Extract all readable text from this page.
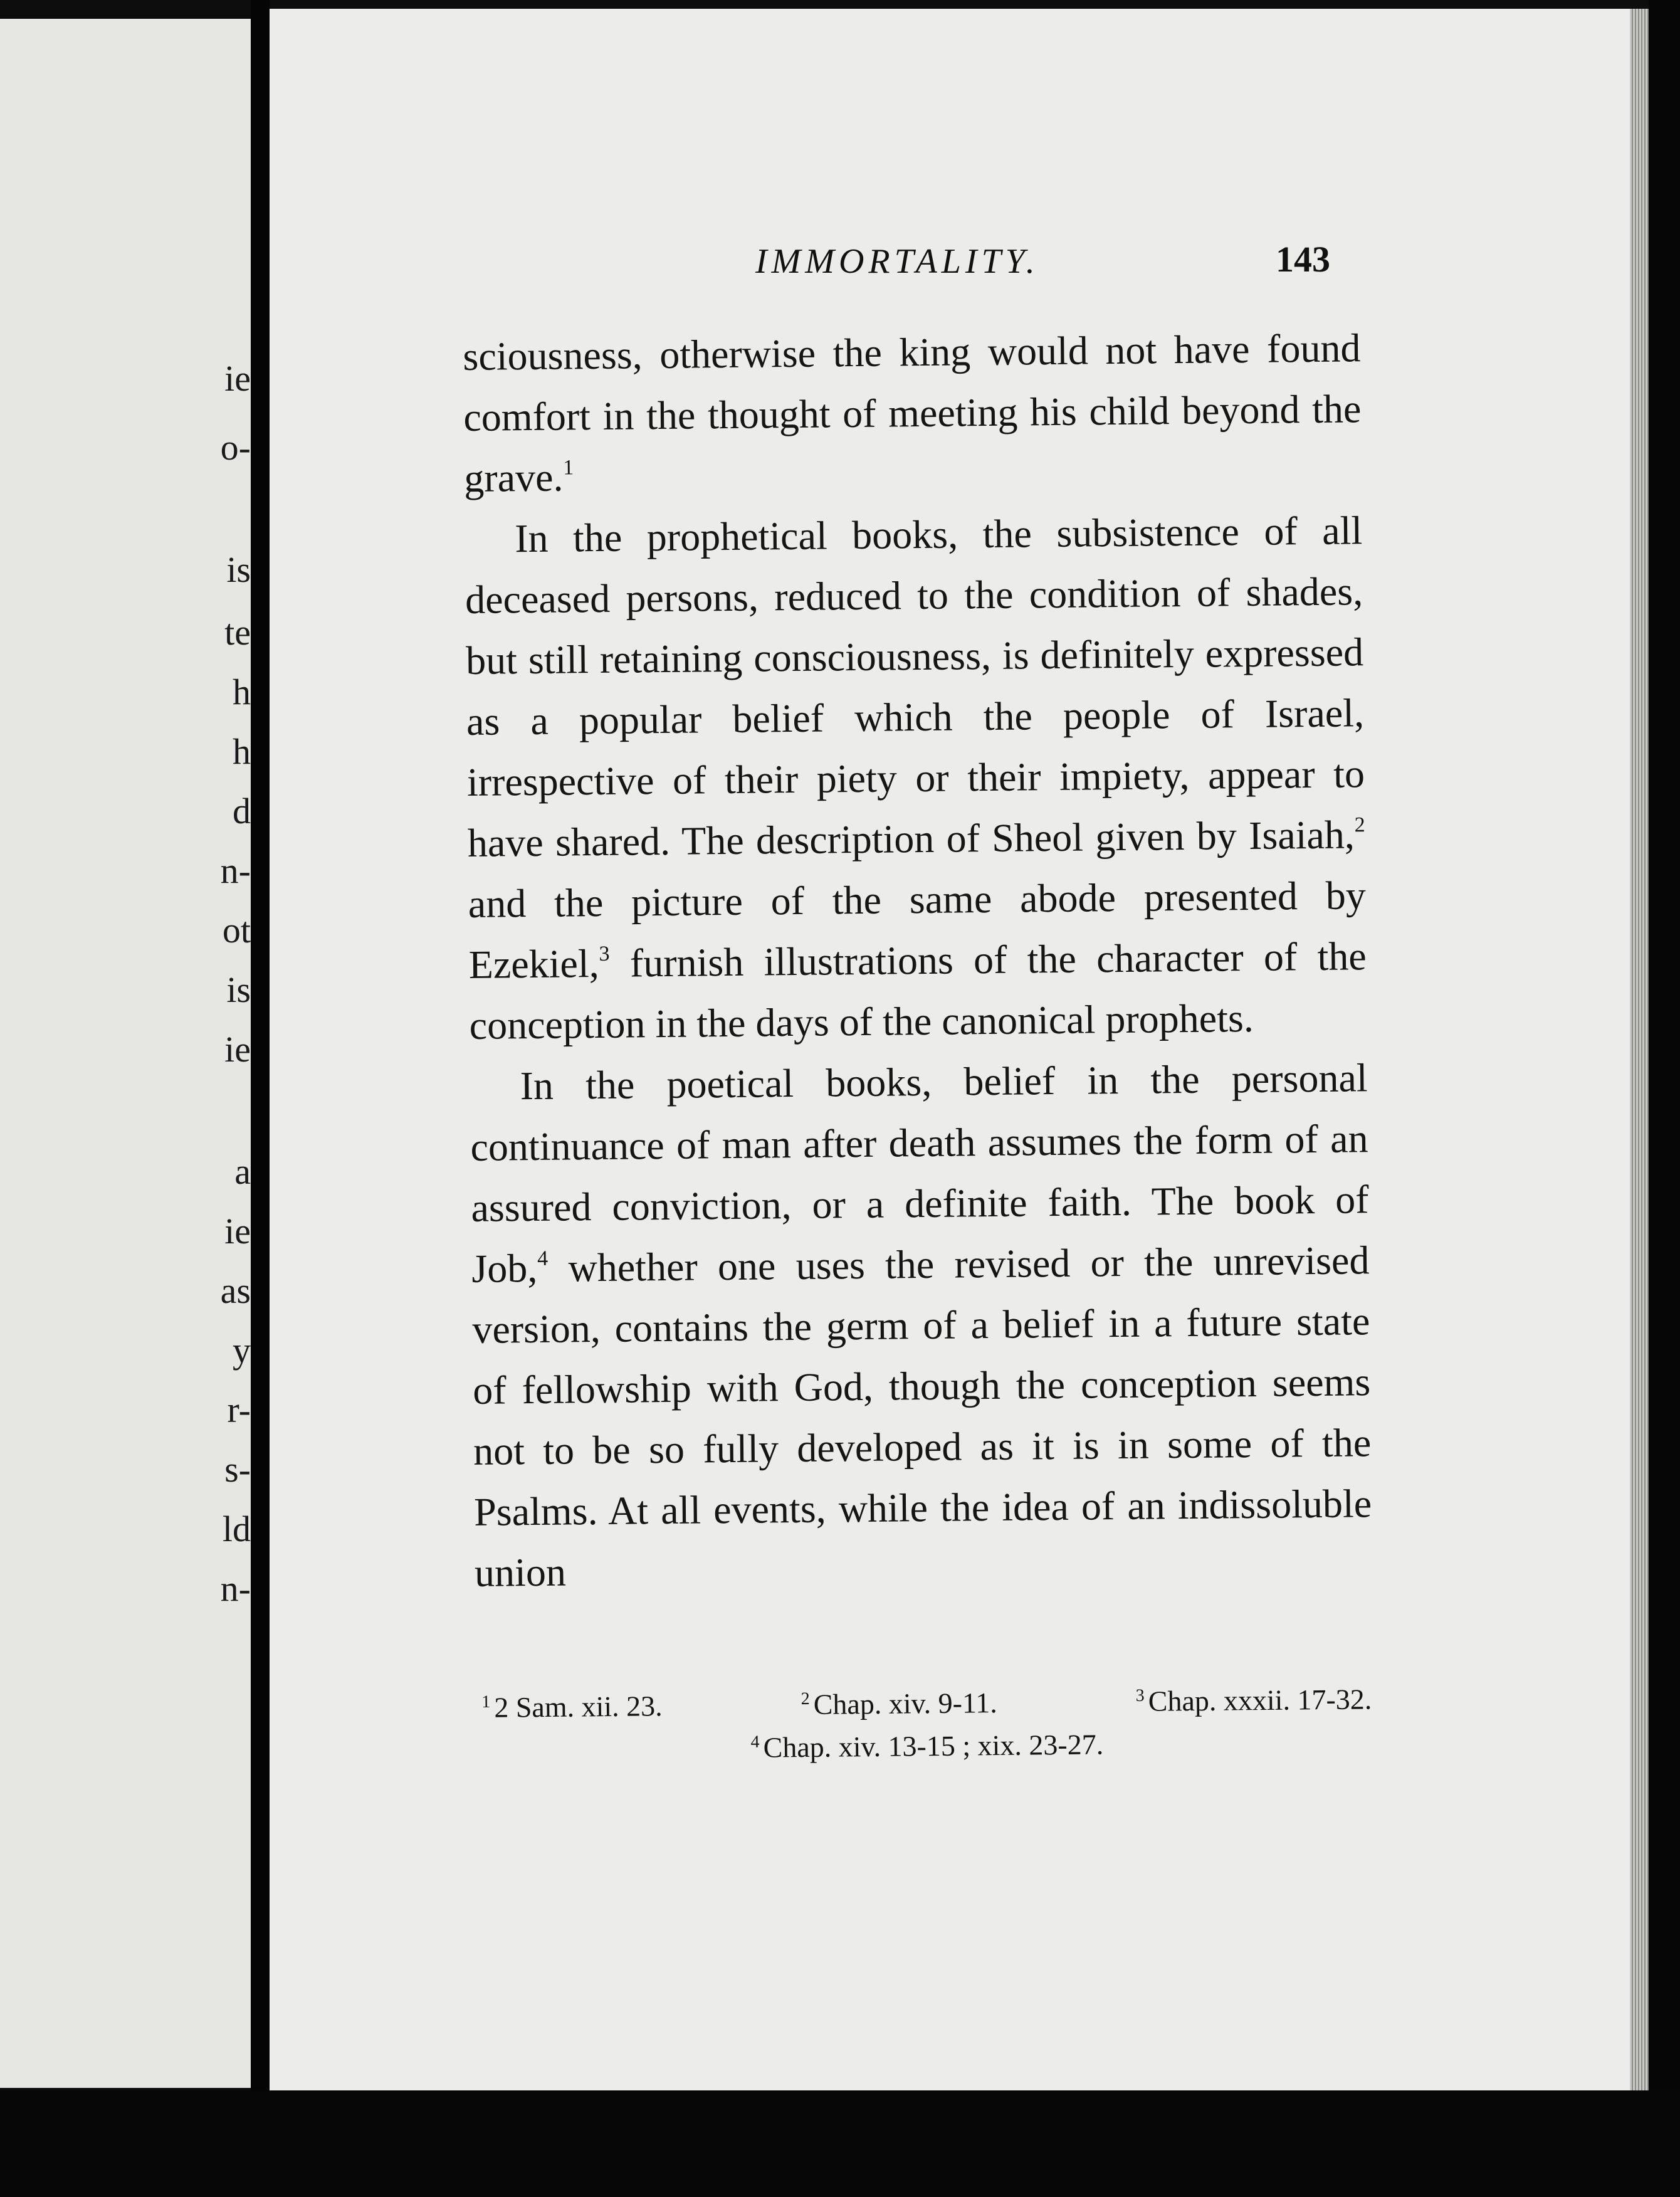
ie
o-
is
te
h
h
d
n-
ot
is
ie
a
ie
as
y
r-
s-
ld
n-
IMMORTALITY.	143

sciousness, otherwise the king would not have found comfort in the thought of meeting his child beyond the grave.$^1$

In the prophetical books, the subsistence of all deceased persons, reduced to the condition of shades, but still retaining consciousness, is definitely expressed as a popular belief which the people of Israel, irrespective of their piety or their impiety, appear to have shared. The description of Sheol given by Isaiah,$^2$ and the picture of the same abode presented by Ezekiel,$^3$ furnish illustrations of the character of the conception in the days of the canonical prophets.

In the poetical books, belief in the personal continuance of man after death assumes the form of an assured conviction, or a definite faith. The book of Job,$^4$ whether one uses the revised or the unrevised version, contains the germ of a belief in a future state of fellowship with God, though the conception seems not to be so fully developed as it is in some of the Psalms. At all events, while the idea of an indissoluble union

$^1$ 2 Sam. xii. 23.	$^2$ Chap. xiv. 9-11.	$^3$ Chap. xxxii. 17-32.
$^4$ Chap. xiv. 13-15 ; xix. 23-27.
